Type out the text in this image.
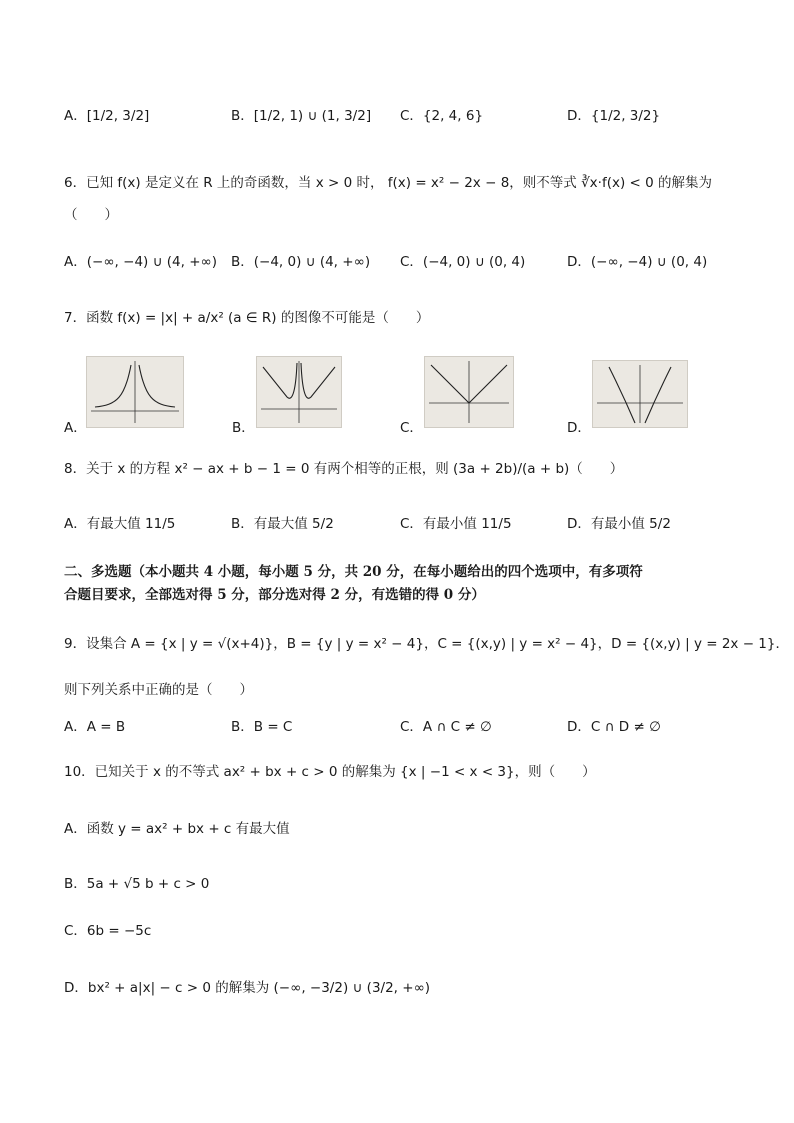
A．[1/2, 3/2]	B．[1/2, 1) ∪ (1, 3/2] C．{2, 4, 6}	D．{1/2, 3/2}
6．已知 f(x) 是定义在 R 上的奇函数，当 x > 0 时， f(x) = x² − 2x − 8，则不等式 ∛x·f(x) < 0 的解集为
（　　）
A．(−∞, −4) ∪ (4, +∞) B．(−4, 0) ∪ (4, +∞) C．(−4, 0) ∪ (0, 4)	D．(−∞, −4) ∪ (0, 4)
7．函数 f(x) = |x| + a/x² (a ∈ R) 的图像不可能是（　　）
A．	B．	C．	D．
8．关于 x 的方程 x² − ax + b − 1 = 0 有两个相等的正根，则 (3a + 2b)/(a + b)（　　）
A．有最大值 11/5	B．有最大值 5/2	C．有最小值 11/5	D．有最小值 5/2
二、多选题（本小题共 4 小题，每小题 5 分，共 20 分，在每小题给出的四个选项中，有多项符
合题目要求，全部选对得 5 分，部分选对得 2 分，有选错的得 0 分）
9．设集合 A = {x | y = √(x+4)}，B = {y | y = x² − 4}，C = {(x,y) | y = x² − 4}，D = {(x,y) | y = 2x − 1}．
则下列关系中正确的是（　　）
A．A = B	B．B = C	C．A ∩ C ≠ ∅	D．C ∩ D ≠ ∅
10．已知关于 x 的不等式 ax² + bx + c > 0 的解集为 {x | −1 < x < 3}，则（　　）
A．函数 y = ax² + bx + c 有最大值
B．5a + √5 b + c > 0
C．6b = −5c
D．bx² + a|x| − c > 0 的解集为 (−∞, −3/2) ∪ (3/2, +∞)
